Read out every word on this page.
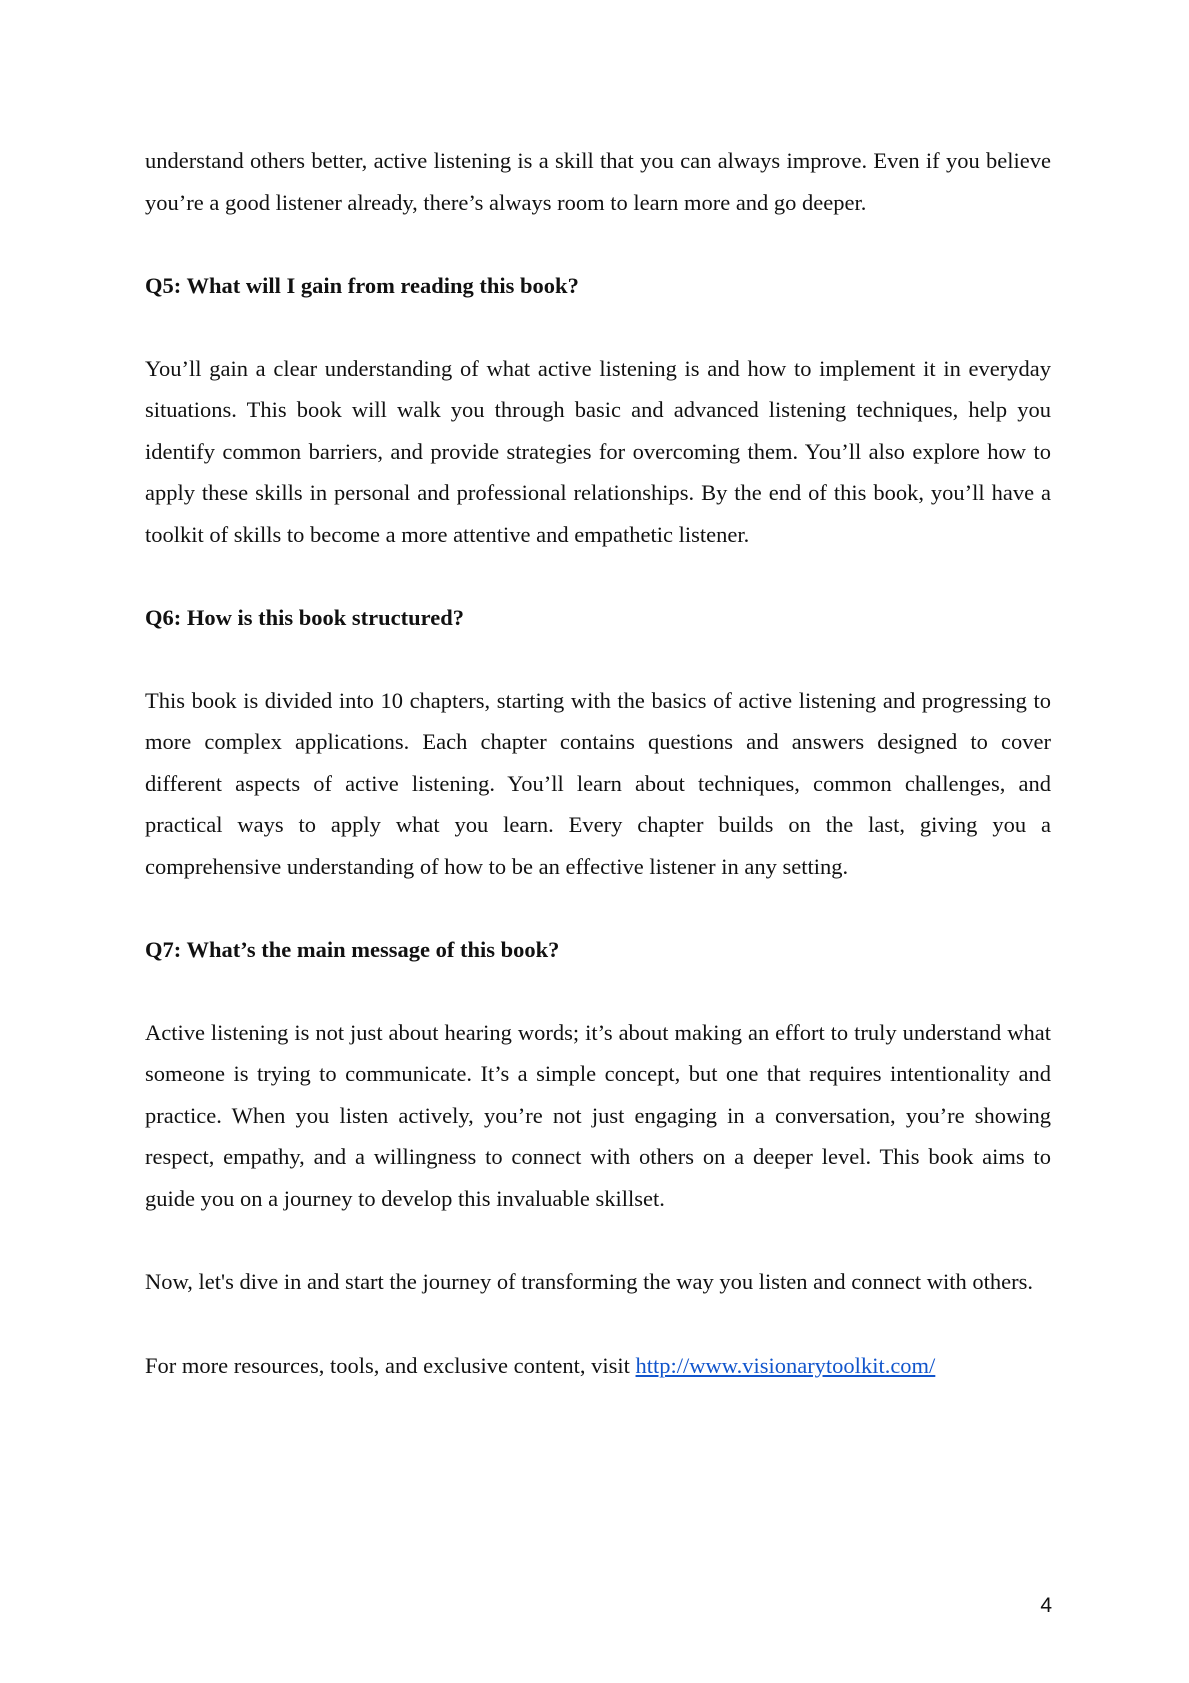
understand others better, active listening is a skill that you can always improve. Even if you believe you’re a good listener already, there’s always room to learn more and go deeper.

Q5: What will I gain from reading this book?

You’ll gain a clear understanding of what active listening is and how to implement it in everyday situations. This book will walk you through basic and advanced listening techniques, help you identify common barriers, and provide strategies for overcoming them. You’ll also explore how to apply these skills in personal and professional relationships. By the end of this book, you’ll have a toolkit of skills to become a more attentive and empathetic listener.

Q6: How is this book structured?

This book is divided into 10 chapters, starting with the basics of active listening and progressing to more complex applications. Each chapter contains questions and answers designed to cover different aspects of active listening. You’ll learn about techniques, common challenges, and practical ways to apply what you learn. Every chapter builds on the last, giving you a comprehensive understanding of how to be an effective listener in any setting.

Q7: What’s the main message of this book?

Active listening is not just about hearing words; it’s about making an effort to truly understand what someone is trying to communicate. It’s a simple concept, but one that requires intentionality and practice. When you listen actively, you’re not just engaging in a conversation, you’re showing respect, empathy, and a willingness to connect with others on a deeper level. This book aims to guide you on a journey to develop this invaluable skillset.

Now, let's dive in and start the journey of transforming the way you listen and connect with others.

For more resources, tools, and exclusive content, visit http://www.visionarytoolkit.com/

4
